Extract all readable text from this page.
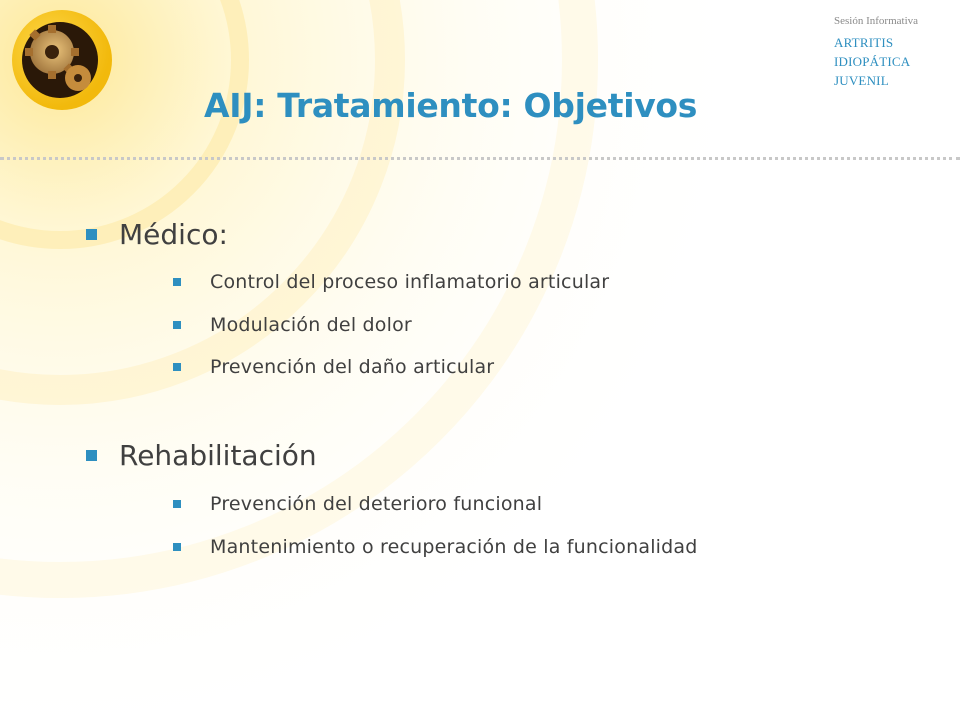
Sesión Informativa
ARTRITIS
IDIOPÁTICA
JUVENIL
AIJ: Tratamiento: Objetivos
Médico:
Control del proceso inflamatorio articular
Modulación del dolor
Prevención del daño articular
Rehabilitación
Prevención del deterioro funcional
Mantenimiento o recuperación de la funcionalidad
